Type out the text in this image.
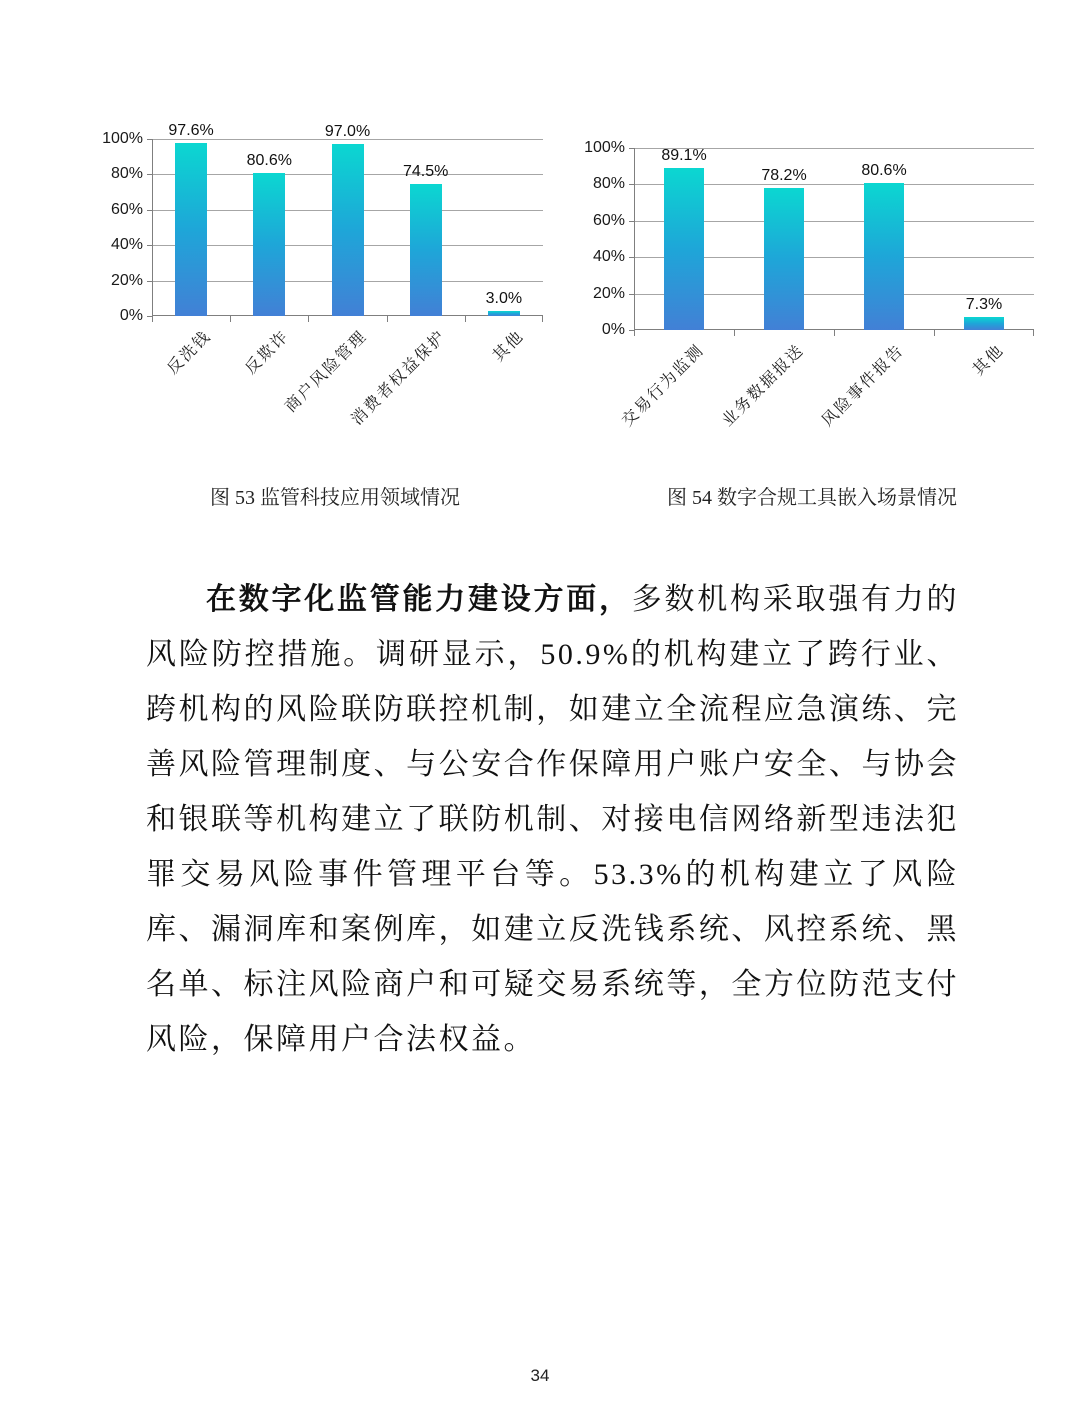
97.6%
80.6%
97.0%
74.5%
3.0%
0%
20%
40%
60%
80%
100%
反洗钱 反欺诈
商户风险管理
消费者权益保护	其他
89.1%
78.2%	80.6%
7.3%
0%
20%
40%
60%
80%
100%
交易行为监测 业务数据报送 风险事件报告	其他
图 53 监管科技应用领域情况	图 54 数字合规工具嵌入场景情况

在数字化监管能力建设方面，多数机构采取强有力的风险防控措施。调研显示，50.9%的机构建立了跨行业、跨机构的风险联防联控机制，如建立全流程应急演练、完善风险管理制度、与公安合作保障用户账户安全、与协会和银联等机构建立了联防机制、对接电信网络新型违法犯罪交易风险事件管理平台等。53.3%的机构建立了风险库、漏洞库和案例库，如建立反洗钱系统、风控系统、黑名单、标注风险商户和可疑交易系统等，全方位防范支付风险，保障用户合法权益。

34
